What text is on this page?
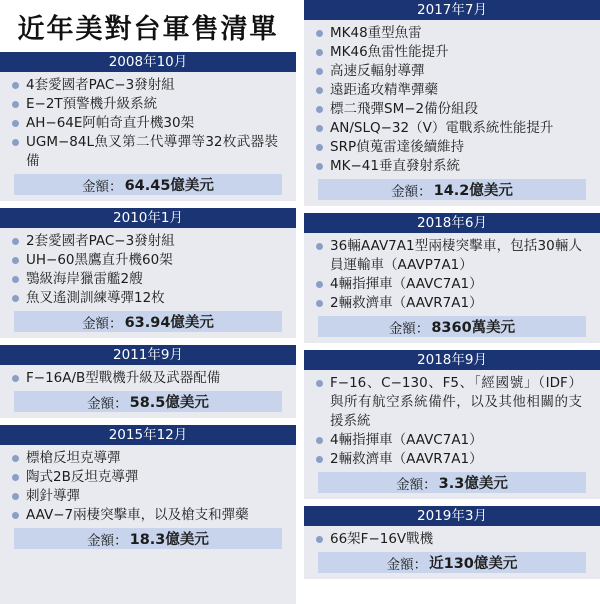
近年美對台軍售清單
2008年10月
4套愛國者PAC−3發射組
E−2T預警機升級系統
AH−64E阿帕奇直升機30架
UGM−84L魚叉第二代導彈等32枚武器裝備
金額： 64.45億美元
2010年1月
2套愛國者PAC−3發射組
UH−60黑鷹直升機60架
鶚級海岸獵雷艦2艘
魚叉遙測訓練導彈12枚
金額： 63.94億美元
2011年9月
F−16A/B型戰機升級及武器配備
金額： 58.5億美元
2015年12月
標槍反坦克導彈
陶式2B反坦克導彈
刺針導彈
AAV−7兩棲突擊車，以及槍支和彈藥
金額： 18.3億美元
2017年7月
MK48重型魚雷
MK46魚雷性能提升
高速反輻射導彈
遠距遙攻精準彈藥
標二飛彈SM−2備份組段
AN/SLQ−32（V）電戰系統性能提升
SRP偵蒐雷達後續維持
MK−41垂直發射系統
金額： 14.2億美元
2018年6月
36輛AAV7A1型兩棲突擊車，包括30輛人員運輸車（AAVP7A1）
4輛指揮車（AAVC7A1）
2輛救濟車（AAVR7A1）
金額： 8360萬美元
2018年9月
F−16、C−130、F5、「經國號」（IDF）與所有航空系統備件，以及其他相關的支援系統
4輛指揮車（AAVC7A1）
2輛救濟車（AAVR7A1）
金額： 3.3億美元
2019年3月
66架F−16V戰機
金額： 近130億美元
